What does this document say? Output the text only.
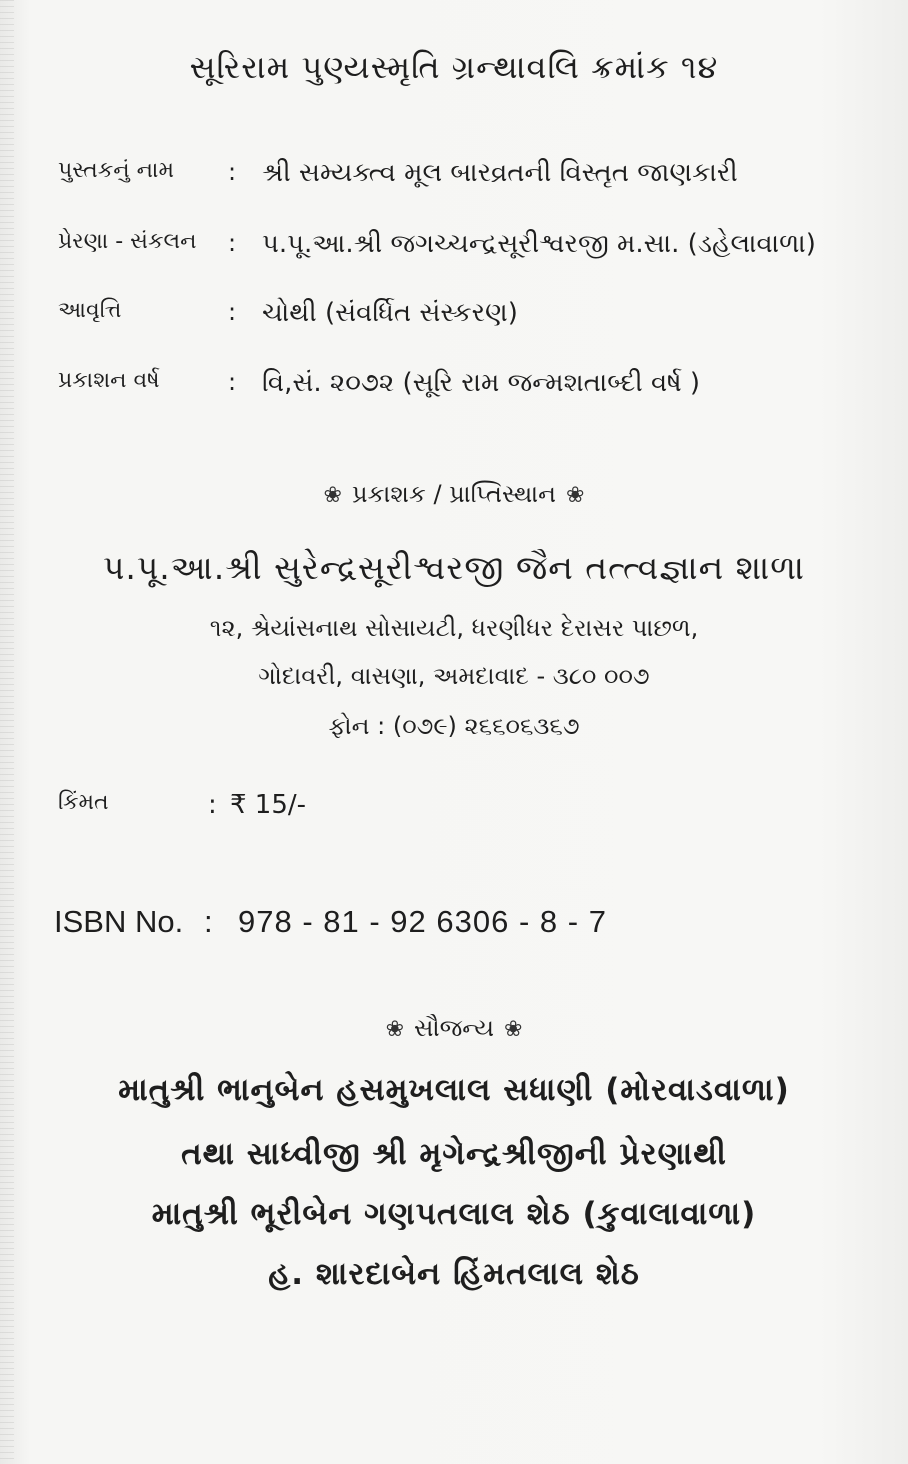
સૂરિરામ પુણ્યસ્મૃતિ ગ્રન્થાવલિ ક્રમાંક ૧૪
પુસ્તકનું નામ	: શ્રી સમ્યક્ત્વ મૂલ બારવ્રતની વિસ્તૃત જાણકારી
પ્રેરણા - સંકલન	: પ.પૂ.આ.શ્રી જગચ્ચન્દ્રસૂરીશ્વરજી મ.સા. (ડહેલાવાળા)
આવૃત્તિ	: ચોથી (સંવર્ધિત સંસ્કરણ)
પ્રકાશન વર્ષ	: વિ,સં. ૨૦૭૨ (સૂરિ રામ જન્મશતાબ્દી વર્ષ )
❀ પ્રકાશક / પ્રાપ્તિસ્થાન ❀
પ.પૂ.આ.શ્રી સુરેન્દ્રસૂરીશ્વરજી જૈન તત્ત્વજ્ઞાન શાળા
૧૨, શ્રેયાંસનાથ સોસાયટી, ધરણીધર દેરાસર પાછળ,
ગોદાવરી, વાસણા, અમદાવાદ - ૩૮૦ ૦૦૭
ફોન : (૦૭૯) ૨૬૬૦૬૩૬૭
કિંમત	: ₹ 15/-
ISBN No. : 978 - 81 - 92 6306 - 8 - 7
❀ સૌજન્ય ❀
માતુશ્રી ભાનુબેન હસમુખલાલ સધાણી (મોરવાડવાળા)
તથા સાધ્વીજી શ્રી મૃગેન્દ્રશ્રીજીની પ્રેરણાથી
માતુશ્રી ભૂરીબેન ગણપતલાલ શેઠ (કુવાલાવાળા)
હ. શારદાબેન હિંમતલાલ શેઠ
